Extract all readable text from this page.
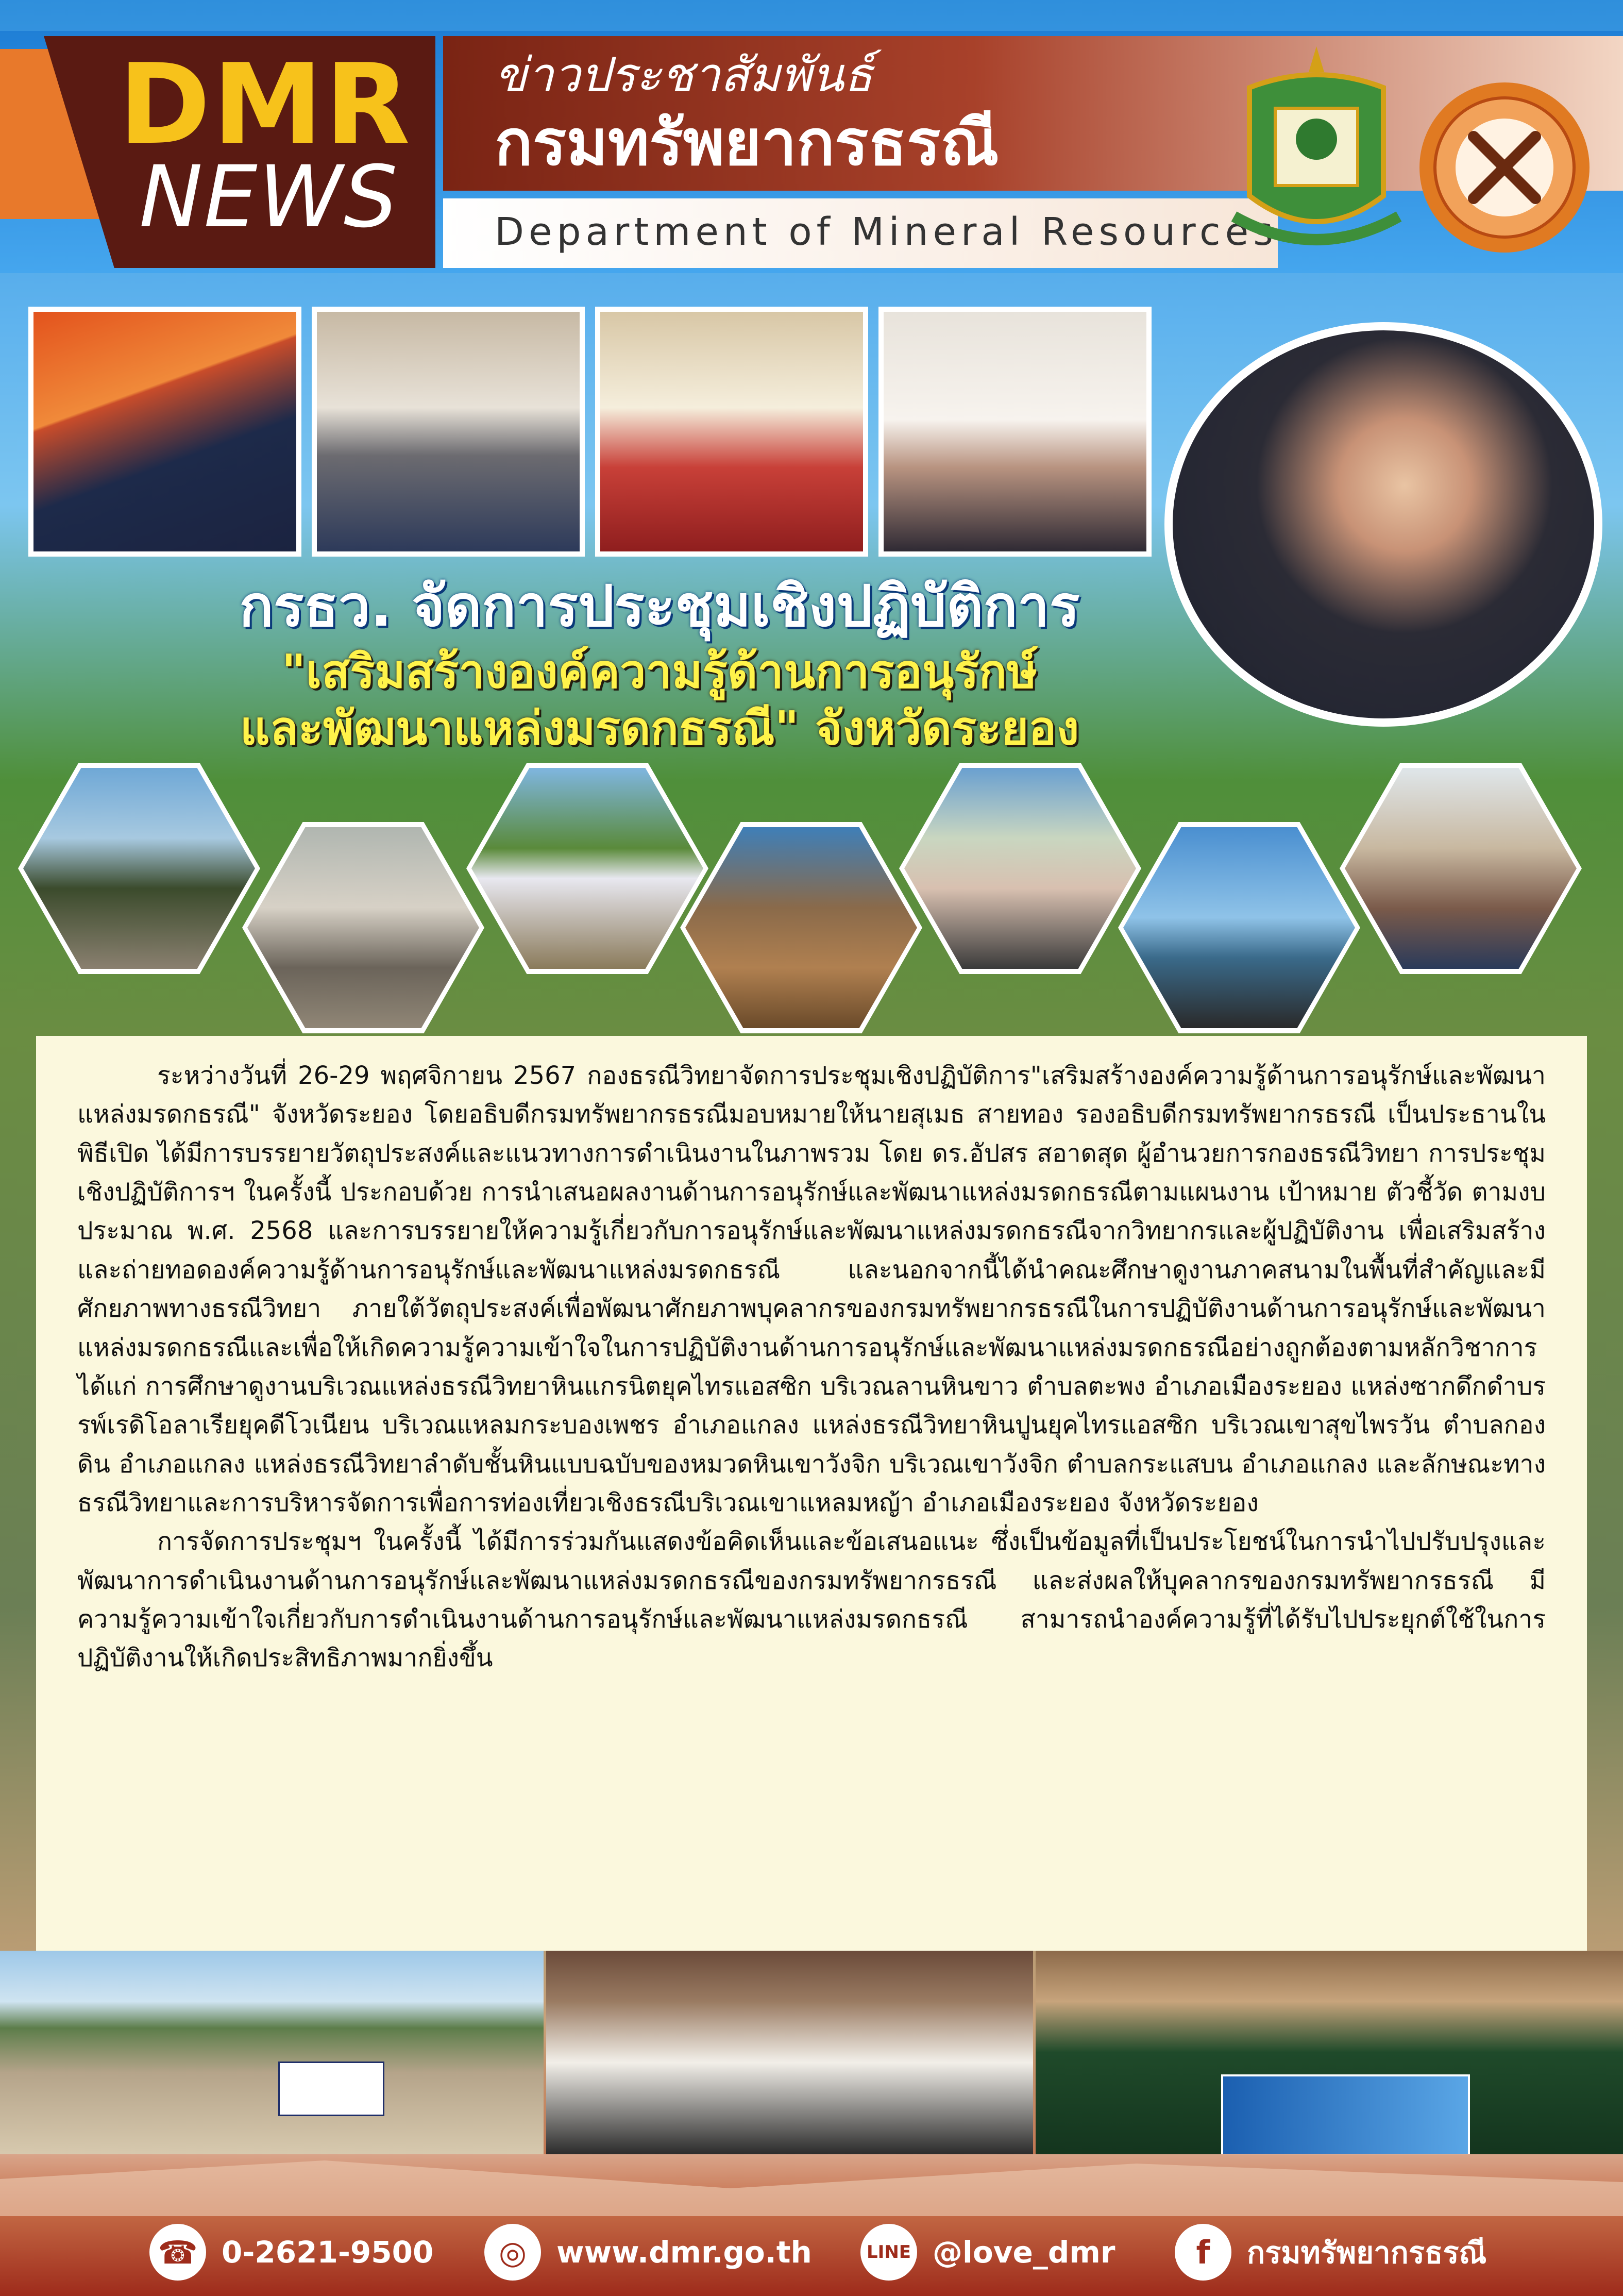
DMR
NEWS
ข่าวประชาสัมพันธ์
กรมทรัพยากรธรณี
Department of Mineral Resources
กรธว. จัดการประชุมเชิงปฏิบัติการ
"เสริมสร้างองค์ความรู้ด้านการอนุรักษ์
และพัฒนาแหล่งมรดกธรณี" จังหวัดระยอง

ระหว่างวันที่ 26-29 พฤศจิกายน 2567 กองธรณีวิทยาจัดการประชุมเชิงปฏิบัติการ"เสริมสร้างองค์ความรู้ด้านการอนุรักษ์และพัฒนาแหล่งมรดกธรณี" จังหวัดระยอง โดยอธิบดีกรมทรัพยากรธรณีมอบหมายให้นายสุเมธ สายทอง รองอธิบดีกรมทรัพยากรธรณี เป็นประธานในพิธีเปิด ได้มีการบรรยายวัตถุประสงค์และแนวทางการดำเนินงานในภาพรวม โดย ดร.อัปสร สอาดสุด ผู้อำนวยการกองธรณีวิทยา การประชุมเชิงปฏิบัติการฯ ในครั้งนี้ ประกอบด้วย การนำเสนอผลงานด้านการอนุรักษ์และพัฒนาแหล่งมรดกธรณีตามแผนงาน เป้าหมาย ตัวชี้วัด ตามงบประมาณ พ.ศ. 2568 และการบรรยายให้ความรู้เกี่ยวกับการอนุรักษ์และพัฒนาแหล่งมรดกธรณีจากวิทยากรและผู้ปฏิบัติงาน เพื่อเสริมสร้างและถ่ายทอดองค์ความรู้ด้านการอนุรักษ์และพัฒนาแหล่งมรดกธรณี และนอกจากนี้ได้นำคณะศึกษาดูงานภาคสนามในพื้นที่สำคัญและมีศักยภาพทางธรณีวิทยา ภายใต้วัตถุประสงค์เพื่อพัฒนาศักยภาพบุคลากรของกรมทรัพยากรธรณีในการปฏิบัติงานด้านการอนุรักษ์และพัฒนาแหล่งมรดกธรณีและเพื่อให้เกิดความรู้ความเข้าใจในการปฏิบัติงานด้านการอนุรักษ์และพัฒนาแหล่งมรดกธรณีอย่างถูกต้องตามหลักวิชาการ ได้แก่ การศึกษาดูงานบริเวณแหล่งธรณีวิทยาหินแกรนิตยุคไทรแอสซิก บริเวณลานหินขาว ตำบลตะพง อำเภอเมืองระยอง แหล่งซากดึกดำบรรพ์เรดิโอลาเรียยุคดีโวเนียน บริเวณแหลมกระบองเพชร อำเภอแกลง แหล่งธรณีวิทยาหินปูนยุคไทรแอสซิก บริเวณเขาสุขไพรวัน ตำบลกองดิน อำเภอแกลง แหล่งธรณีวิทยาลำดับชั้นหินแบบฉบับของหมวดหินเขาวังจิก บริเวณเขาวังจิก ตำบลกระแสบน อำเภอแกลง และลักษณะทางธรณีวิทยาและการบริหารจัดการเพื่อการท่องเที่ยวเชิงธรณีบริเวณเขาแหลมหญ้า อำเภอเมืองระยอง จังหวัดระยอง

การจัดการประชุมฯ ในครั้งนี้ ได้มีการร่วมกันแสดงข้อคิดเห็นและข้อเสนอแนะ ซึ่งเป็นข้อมูลที่เป็นประโยชน์ในการนำไปปรับปรุงและพัฒนาการดำเนินงานด้านการอนุรักษ์และพัฒนาแหล่งมรดกธรณีของกรมทรัพยากรธรณี และส่งผลให้บุคลากรของกรมทรัพยากรธรณี มีความรู้ความเข้าใจเกี่ยวกับการดำเนินงานด้านการอนุรักษ์และพัฒนาแหล่งมรดกธรณี สามารถนำองค์ความรู้ที่ได้รับไปประยุกต์ใช้ในการปฏิบัติงานให้เกิดประสิทธิภาพมากยิ่งขึ้น

☎ 0-2621-9500	◎ www.dmr.go.th	LINE @love_dmr	f	กรมทรัพยากรธรณี
